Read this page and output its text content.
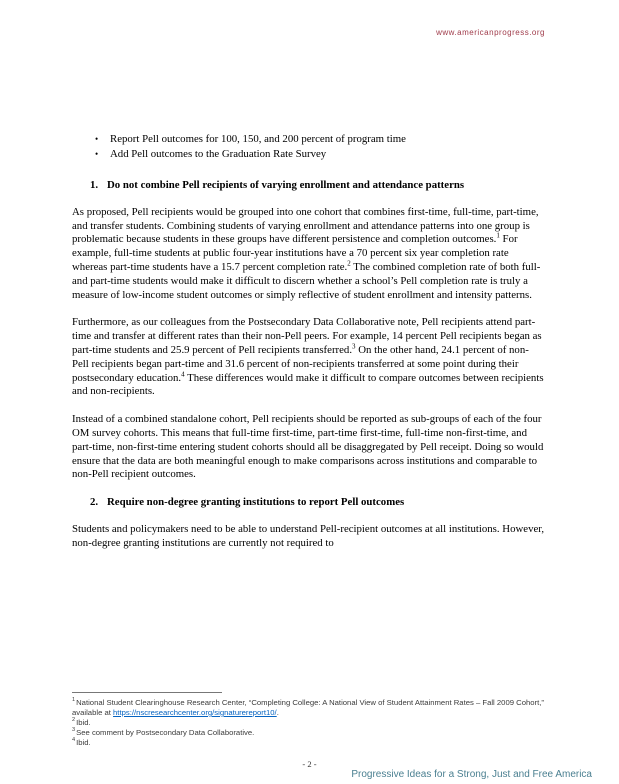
www.americanprogress.org
•	Report Pell outcomes for 100, 150, and 200 percent of program time
•	Add Pell outcomes to the Graduation Rate Survey
1. Do not combine Pell recipients of varying enrollment and attendance patterns

As proposed, Pell recipients would be grouped into one cohort that combines first-time, full-time, part-time, and transfer students. Combining students of varying enrollment and attendance patterns into one group is problematic because students in these groups have different persistence and completion outcomes.$^1$ For example, full-time students at public four-year institutions have a 70 percent six year completion rate whereas part-time students have a 15.7 percent completion rate.$^2$ The combined completion rate of both full- and part-time students would make it difficult to discern whether a school’s Pell completion rate is truly a measure of low-income student outcomes or simply reflective of student enrollment and intensity patterns.

Furthermore, as our colleagues from the Postsecondary Data Collaborative note, Pell recipients attend part-time and transfer at different rates than their non-Pell peers. For example, 14 percent Pell recipients began as part-time students and 25.9 percent of Pell recipients transferred.$^3$ On the other hand, 24.1 percent of non-Pell recipients began part-time and 31.6 percent of non-recipients transferred at some point during their postsecondary education.$^4$ These differences would make it difficult to compare outcomes between recipients and non-recipients.

Instead of a combined standalone cohort, Pell recipients should be reported as sub-groups of each of the four OM survey cohorts. This means that full-time first-time, part-time first-time, full-time non-first-time, and part-time, non-first-time entering student cohorts should all be disaggregated by Pell receipt. Doing so would ensure that the data are both meaningful enough to make comparisons across institutions and comparable to non-Pell recipient outcomes.

2. Require non-degree granting institutions to report Pell outcomes

Students and policymakers need to be able to understand Pell-recipient outcomes at all institutions. However, non-degree granting institutions are currently not required to

$^1$National Student Clearinghouse Research Center, “Completing College: A National View of Student Attainment Rates – Fall 2009 Cohort,” available at https://nscresearchcenter.org/signaturereport10/.
$^2$Ibid.
$^3$See comment by Postsecondary Data Collaborative.
$^4$Ibid.
- 2 -
Progressive Ideas for a Strong, Just and Free America
